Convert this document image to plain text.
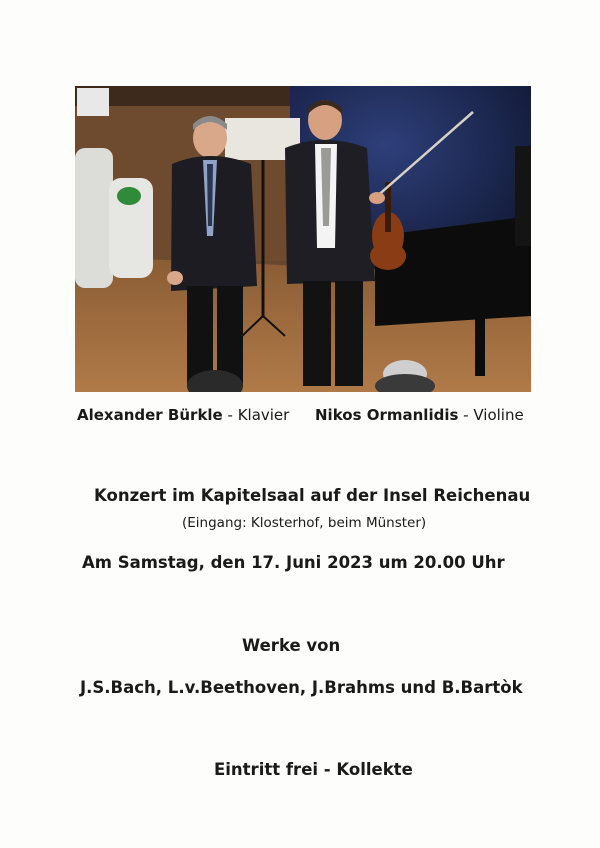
Alexander Bürkle - Klavier Nikos Ormanlidis - Violine
Konzert im Kapitelsaal auf der Insel Reichenau
(Eingang: Klosterhof, beim Münster)
Am Samstag, den 17. Juni 2023 um 20.00 Uhr
Werke von
J.S.Bach, L.v.Beethoven, J.Brahms und B.Bartòk
Eintritt frei - Kollekte
